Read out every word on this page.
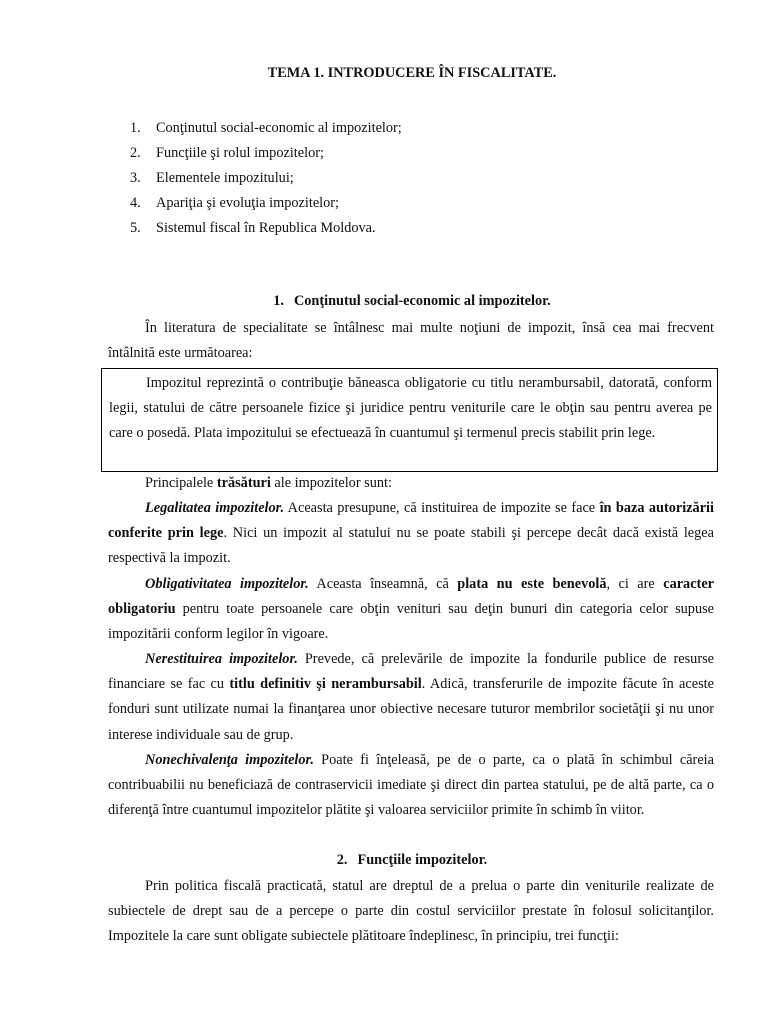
TEMA 1. INTRODUCERE ÎN FISCALITATE.
1. Conţinutul social-economic al impozitelor;
2. Funcţiile şi rolul impozitelor;
3. Elementele impozitului;
4. Apariţia şi evoluţia impozitelor;
5. Sistemul fiscal în Republica Moldova.
1. Conţinutul social-economic al impozitelor.

În literatura de specialitate se întâlnesc mai multe noţiuni de impozit, însă cea mai frecvent întâlnită este următoarea:

Impozitul reprezintă o contribuţie băneasca obligatorie cu titlu nerambursabil, datorată, conform legii, statului de către persoanele fizice şi juridice pentru veniturile care le obţin sau pentru averea pe care o posedă. Plata impozitului se efectuează în cuantumul şi termenul precis stabilit prin lege.

Principalele trăsături ale impozitelor sunt:

Legalitatea impozitelor. Aceasta presupune, că instituirea de impozite se face în baza autorizării conferite prin lege. Nici un impozit al statului nu se poate stabili şi percepe decât dacă există legea respectivă la impozit.

Obligativitatea impozitelor. Aceasta înseamnă, că plata nu este benevolă, ci are caracter obligatoriu pentru toate persoanele care obţin venituri sau deţin bunuri din categoria celor supuse impozitării conform legilor în vigoare.

Nerestituirea impozitelor. Prevede, că prelevările de impozite la fondurile publice de resurse financiare se fac cu titlu definitiv şi nerambursabil. Adică, transferurile de impozite făcute în aceste fonduri sunt utilizate numai la finanţarea unor obiective necesare tuturor membrilor societăţii şi nu unor interese individuale sau de grup.

Nonechivalenţa impozitelor. Poate fi înţeleasă, pe de o parte, ca o plată în schimbul căreia contribuabilii nu beneficiază de contraservicii imediate şi direct din partea statului, pe de altă parte, ca o diferenţă între cuantumul impozitelor plătite şi valoarea serviciilor primite în schimb în viitor.

2. Funcţiile impozitelor.

Prin politica fiscală practicată, statul are dreptul de a prelua o parte din veniturile realizate de subiectele de drept sau de a percepe o parte din costul serviciilor prestate în folosul solicitanţilor. Impozitele la care sunt obligate subiectele plătitoare îndeplinesc, în principiu, trei funcţii:
